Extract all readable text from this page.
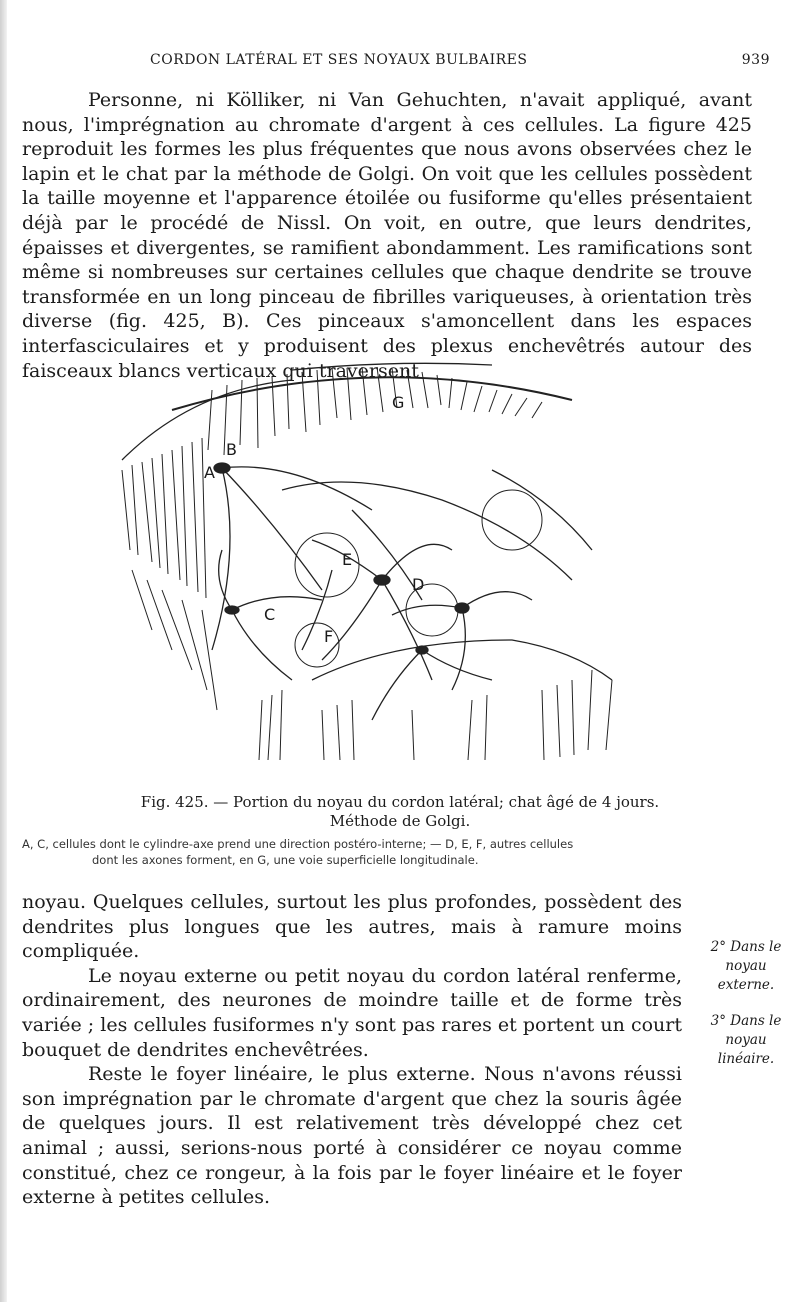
CORDON LATÉRAL ET SES NOYAUX BULBAIRES	939

Personne, ni Kölliker, ni Van Gehuchten, n'avait appliqué, avant nous, l'imprégnation au chromate d'argent à ces cellules. La figure 425 reproduit les formes les plus fréquentes que nous avons observées chez le lapin et le chat par la méthode de Golgi. On voit que les cellules possèdent la taille moyenne et l'apparence étoilée ou fusiforme qu'elles présentaient déjà par le procédé de Nissl. On voit, en outre, que leurs dendrites, épaisses et divergentes, se ramifient abondamment. Les ramifications sont même si nombreuses sur certaines cellules que chaque dendrite se trouve transformée en un long pinceau de fibrilles variqueuses, à orientation très diverse (fig. 425, B). Ces pinceaux s'amoncellent dans les espaces interfasciculaires et y produisent des plexus enchevêtrés autour des faisceaux blancs verticaux qui traversent

A
B
C
D
E
F
G
Fig. 425. — Portion du noyau du cordon latéral; chat âgé de 4 jours.
Méthode de Golgi.
A, C, cellules dont le cylindre-axe prend une direction postéro-interne; — D, E, F, autres cellules
dont les axones forment, en G, une voie superficielle longitudinale.

noyau. Quelques cellules, surtout les plus profondes, possèdent des dendrites plus longues que les autres, mais à ramure moins compliquée.

Le noyau externe ou petit noyau du cordon latéral renferme, ordinairement, des neurones de moindre taille et de forme très variée ; les cellules fusiformes n'y sont pas rares et portent un court bouquet de dendrites enchevêtrées.

Reste le foyer linéaire, le plus externe. Nous n'avons réussi son imprégnation par le chromate d'argent que chez la souris âgée de quelques jours. Il est relativement très développé chez cet animal ; aussi, serions-nous porté à considérer ce noyau comme constitué, chez ce rongeur, à la fois par le foyer linéaire et le foyer externe à petites cellules.

2° Dans le noyau externe.
3° Dans le noyau linéaire.
